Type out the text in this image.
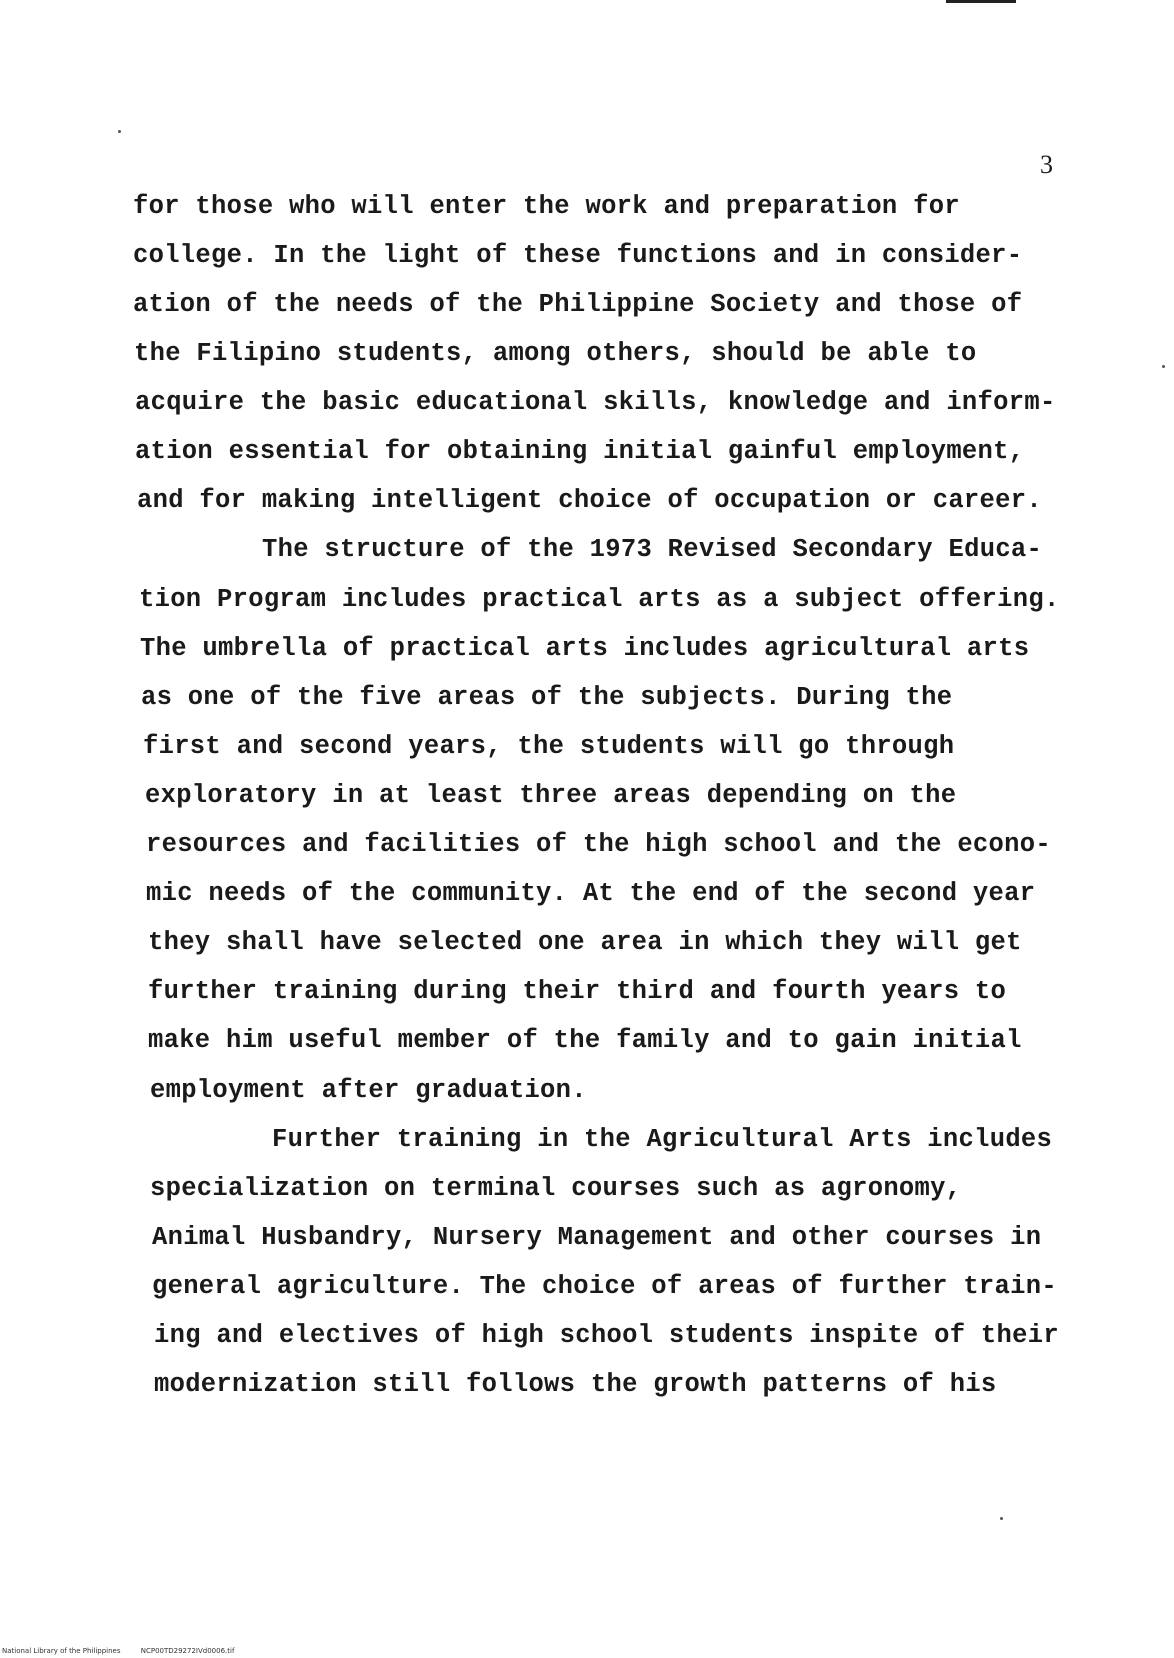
3
for those who will enter the work and preparation for
college. In the light of these functions and in consider-
ation of the needs of the Philippine Society and those of
the Filipino students, among others, should be able to
acquire the basic educational skills, knowledge and inform-
ation essential for obtaining initial gainful employment,
and for making intelligent choice of occupation or career.
The structure of the 1973 Revised Secondary Educa-
tion Program includes practical arts as a subject offering.
The umbrella of practical arts includes agricultural arts
as one of the five areas of the subjects. During the
first and second years, the students will go through
exploratory in at least three areas depending on the
resources and facilities of the high school and the econo-
mic needs of the community. At the end of the second year
they shall have selected one area in which they will get
further training during their third and fourth years to
make him useful member of the family and to gain initial
employment after graduation.
Further training in the Agricultural Arts includes
specialization on terminal courses such as agronomy,
Animal Husbandry, Nursery Management and other courses in
general agriculture. The choice of areas of further train-
ing and electives of high school students inspite of their
modernization still follows the growth patterns of his
National Library of the Philippines	NCP00TD29272IVd0006.tif
